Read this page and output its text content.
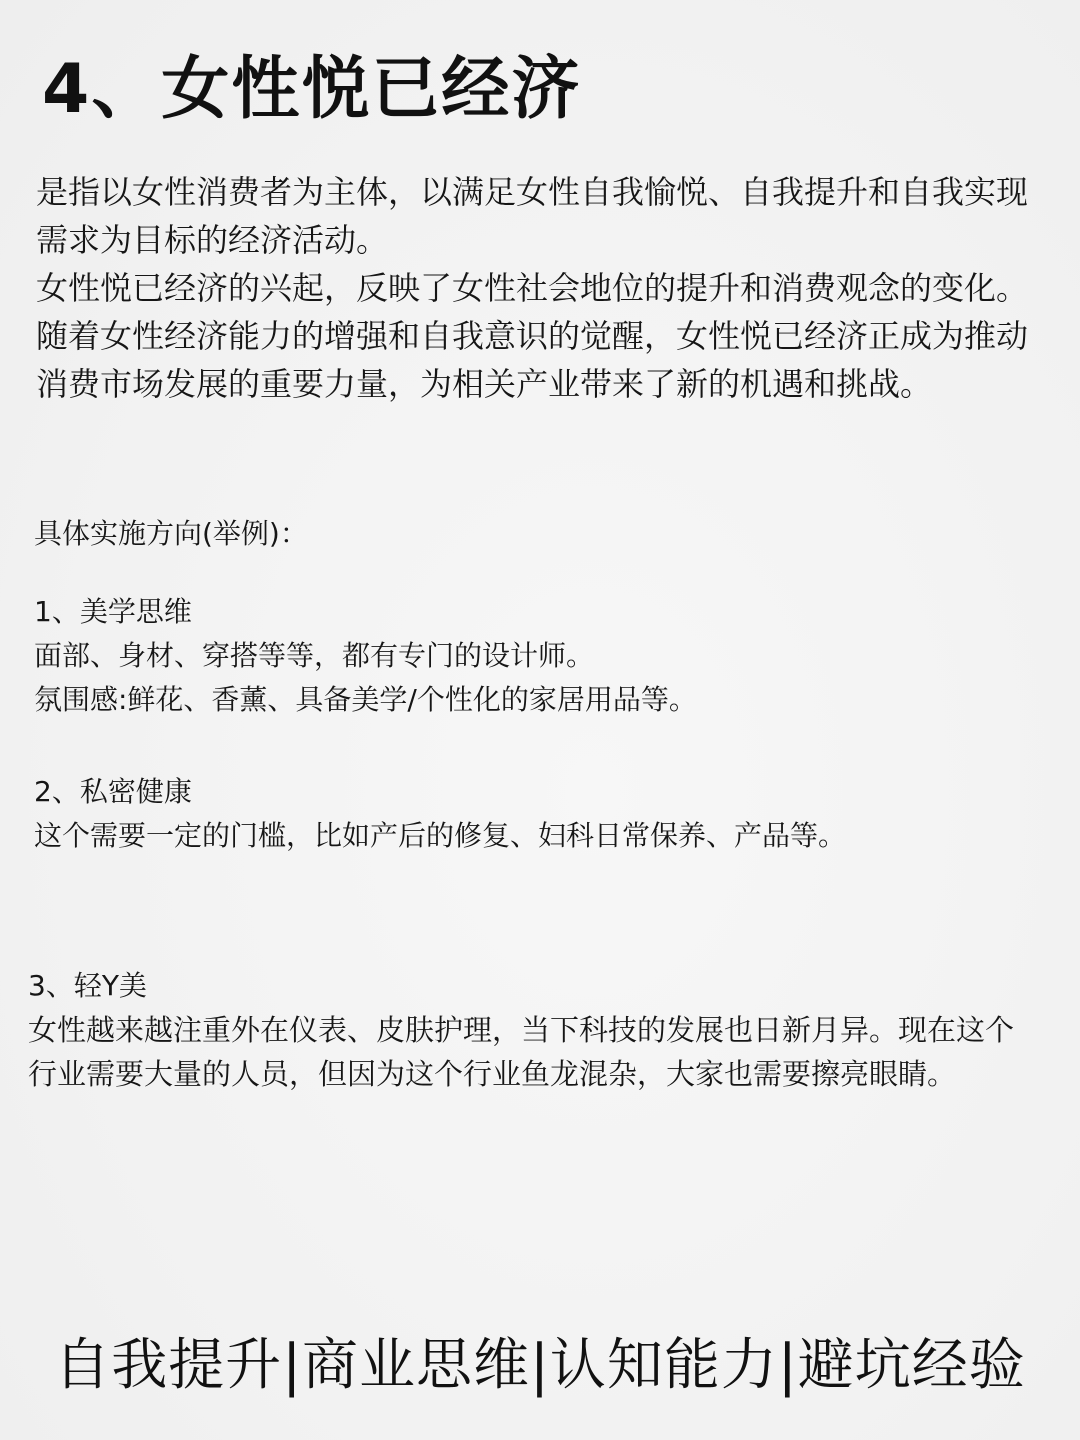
4、女性悦已经济

是指以女性消费者为主体，以满足女性自我愉悦、自我提升和自我实现需求为目标的经济活动。

女性悦已经济的兴起，反映了女性社会地位的提升和消费观念的变化。随着女性经济能力的增强和自我意识的觉醒，女性悦已经济正成为推动消费市场发展的重要力量，为相关产业带来了新的机遇和挑战。

具体实施方向(举例)：

1、美学思维

面部、身材、穿搭等等，都有专门的设计师。

氛围感:鲜花、香薰、具备美学/个性化的家居用品等。

2、私密健康

这个需要一定的门槛，比如产后的修复、妇科日常保养、产品等。

3、轻Y美

女性越来越注重外在仪表、皮肤护理，当下科技的发展也日新月异。现在这个行业需要大量的人员，但因为这个行业鱼龙混杂，大家也需要擦亮眼睛。

自我提升|商业思维|认知能力|避坑经验
